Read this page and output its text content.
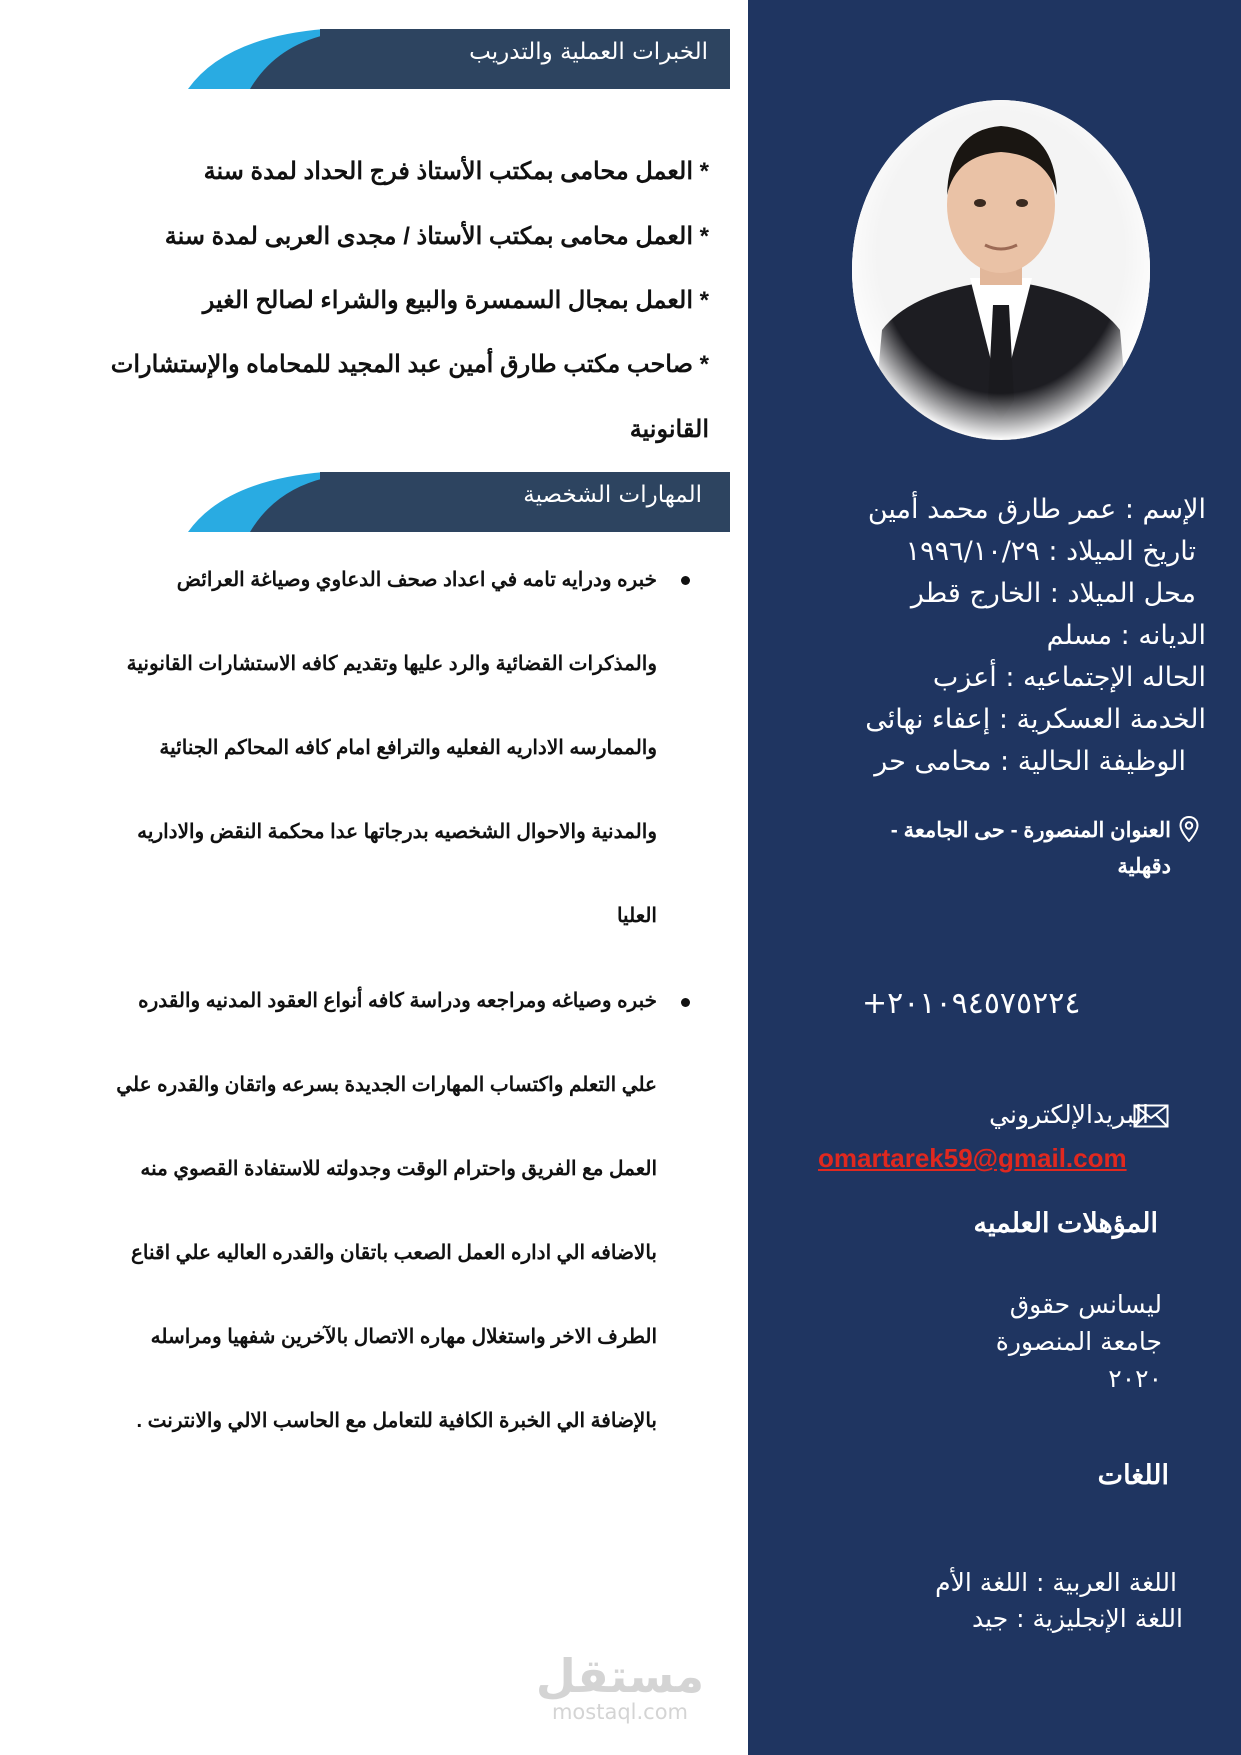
الخبرات العملية والتدريب
* العمل محامى بمكتب الأستاذ فرج الحداد لمدة سنة
* العمل محامى بمكتب الأستاذ / مجدى العربى لمدة سنة
* العمل بمجال السمسرة والبيع والشراء لصالح الغير
* صاحب مكتب طارق أمين عبد المجيد للمحاماه والإستشارات
القانونية
المهارات الشخصية
خبره ودرايه تامه في اعداد صحف الدعاوي وصياغة العرائض
والمذكرات القضائية والرد عليها وتقديم كافه الاستشارات القانونية
والممارسه الاداريه الفعليه والترافع امام كافه المحاكم الجنائية
والمدنية والاحوال الشخصيه بدرجاتها عدا محكمة النقض والاداريه
العليا
خبره وصياغه ومراجعه ودراسة كافه أنواع العقود المدنيه والقدره
علي التعلم واكتساب المهارات الجديدة بسرعه واتقان والقدره علي
العمل مع الفريق واحترام الوقت وجدولته للاستفادة القصوي منه
بالاضافه الي اداره العمل الصعب باتقان والقدره العاليه علي اقناع
الطرف الاخر واستغلال مهاره الاتصال بالآخرين شفهيا ومراسله
بالإضافة الي الخبرة الكافية للتعامل مع الحاسب الالي والانترنت .
الإسم : عمر طارق محمد أمين
تاريخ الميلاد : ١٩٩٦/١٠/٢٩
محل الميلاد : الخارج قطر
الديانه : مسلم
الحاله الإجتماعيه : أعزب
الخدمة العسكرية : إعفاء نهائى
الوظيفة الحالية : محامى حر
العنوان المنصورة - حى الجامعة -
دقهلية
+٢٠١٠٩٤٥٧٥٢٢٤
البريدالإلكتروني
omartarek59@gmail.com
المؤهلات العلميه
ليسانس حقوق
جامعة المنصورة
٢٠٢٠
اللغات
اللغة العربية : اللغة الأم
اللغة الإنجليزية : جيد
مستقل
mostaql.com
